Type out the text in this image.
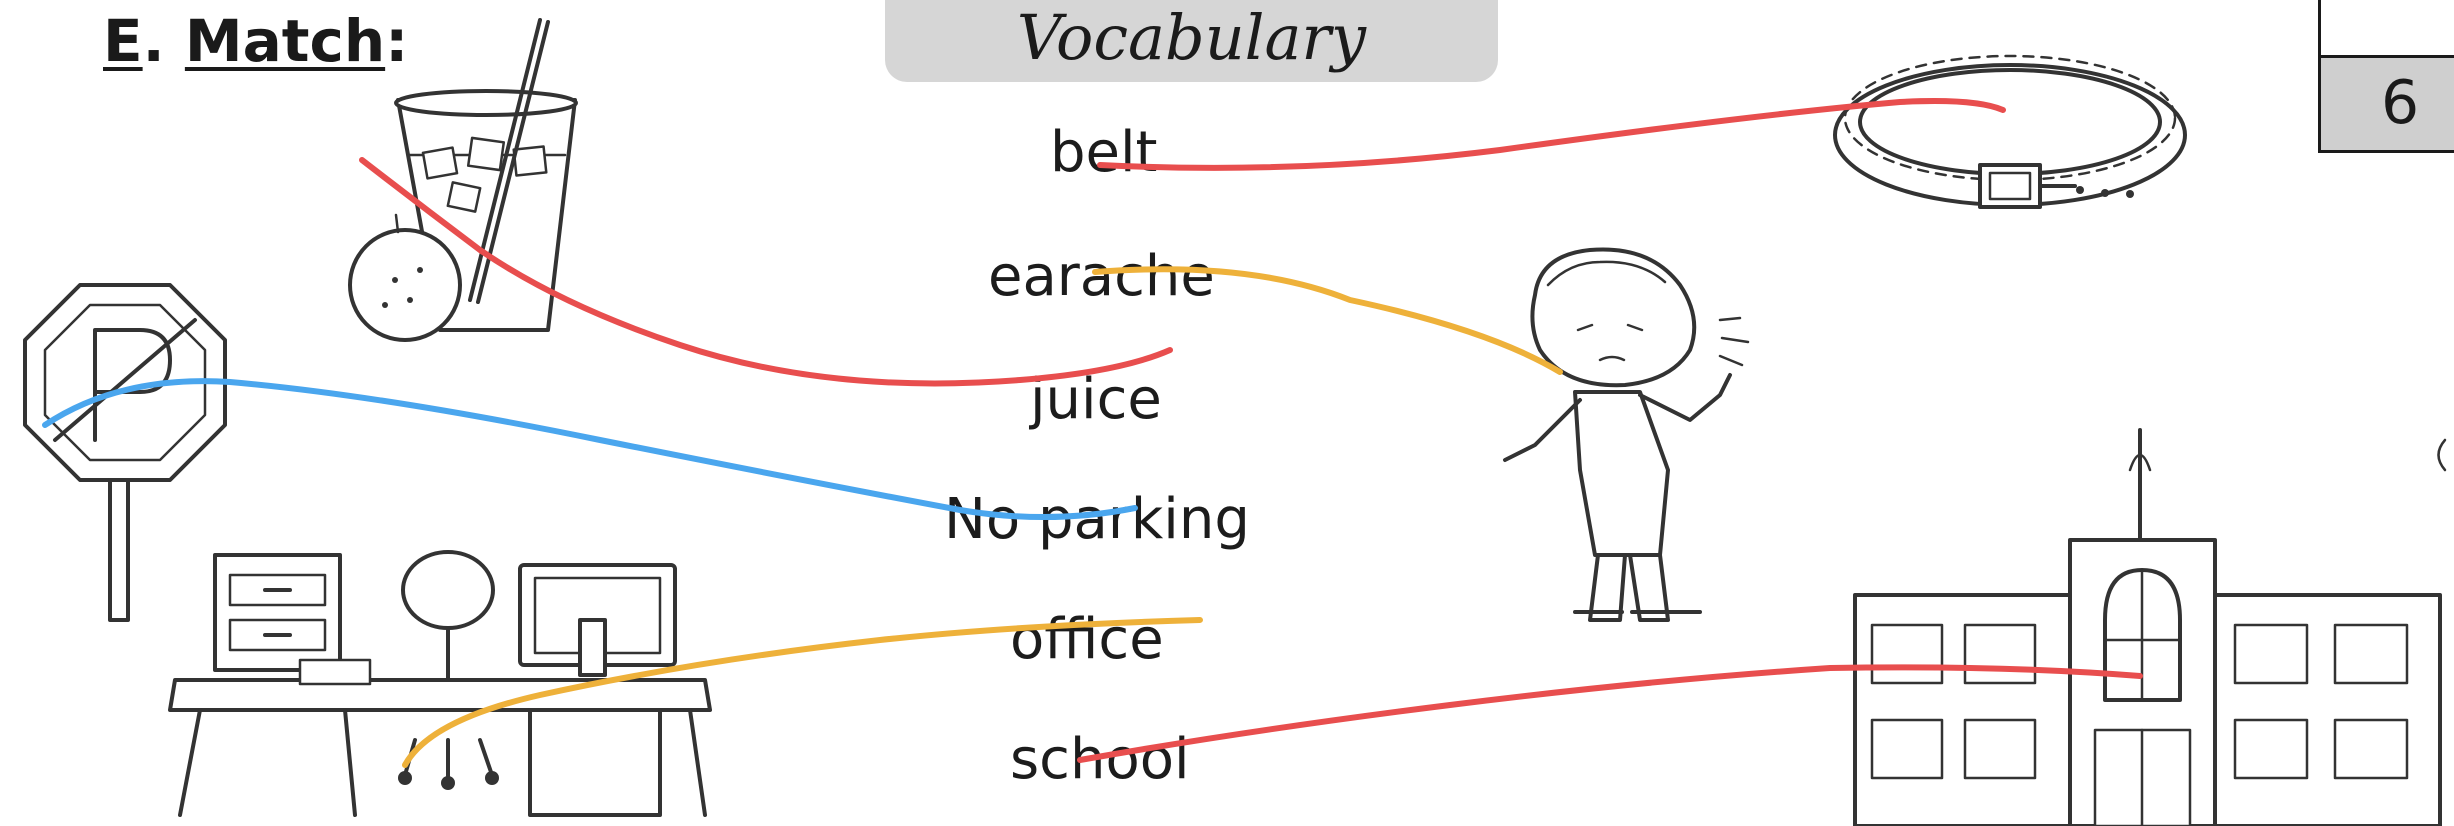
E. Match:	Vocabulary
6
belt
earache
juice
No parking
office
school
